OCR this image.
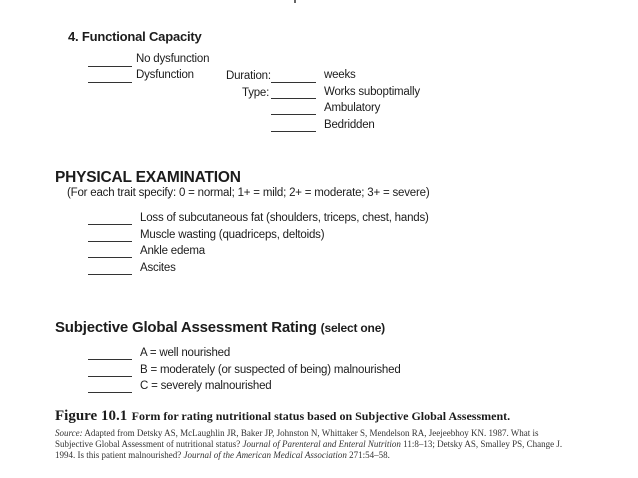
4. Functional Capacity
No dysfunction
Dysfunction	Duration:	weeks
Type:	Works suboptimally
Ambulatory
Bedridden
PHYSICAL EXAMINATION
(For each trait specify: 0 = normal; 1+ = mild; 2+ = moderate; 3+ = severe)
Loss of subcutaneous fat (shoulders, triceps, chest, hands)
Muscle wasting (quadriceps, deltoids)
Ankle edema
Ascites
Subjective Global Assessment Rating (select one)
A = well nourished
B = moderately (or suspected of being) malnourished
C = severely malnourished
Figure 10.1 Form for rating nutritional status based on Subjective Global Assessment.
Source: Adapted from Detsky AS, McLaughlin JR, Baker JP, Johnston N, Whittaker S, Mendelson RA, Jeejeebhoy KN. 1987. What is Subjective Global Assessment of nutritional status? Journal of Parenteral and Enteral Nutrition 11:8–13; Detsky AS, Smalley PS, Change J. 1994. Is this patient malnourished? Journal of the American Medical Association 271:54–58.
